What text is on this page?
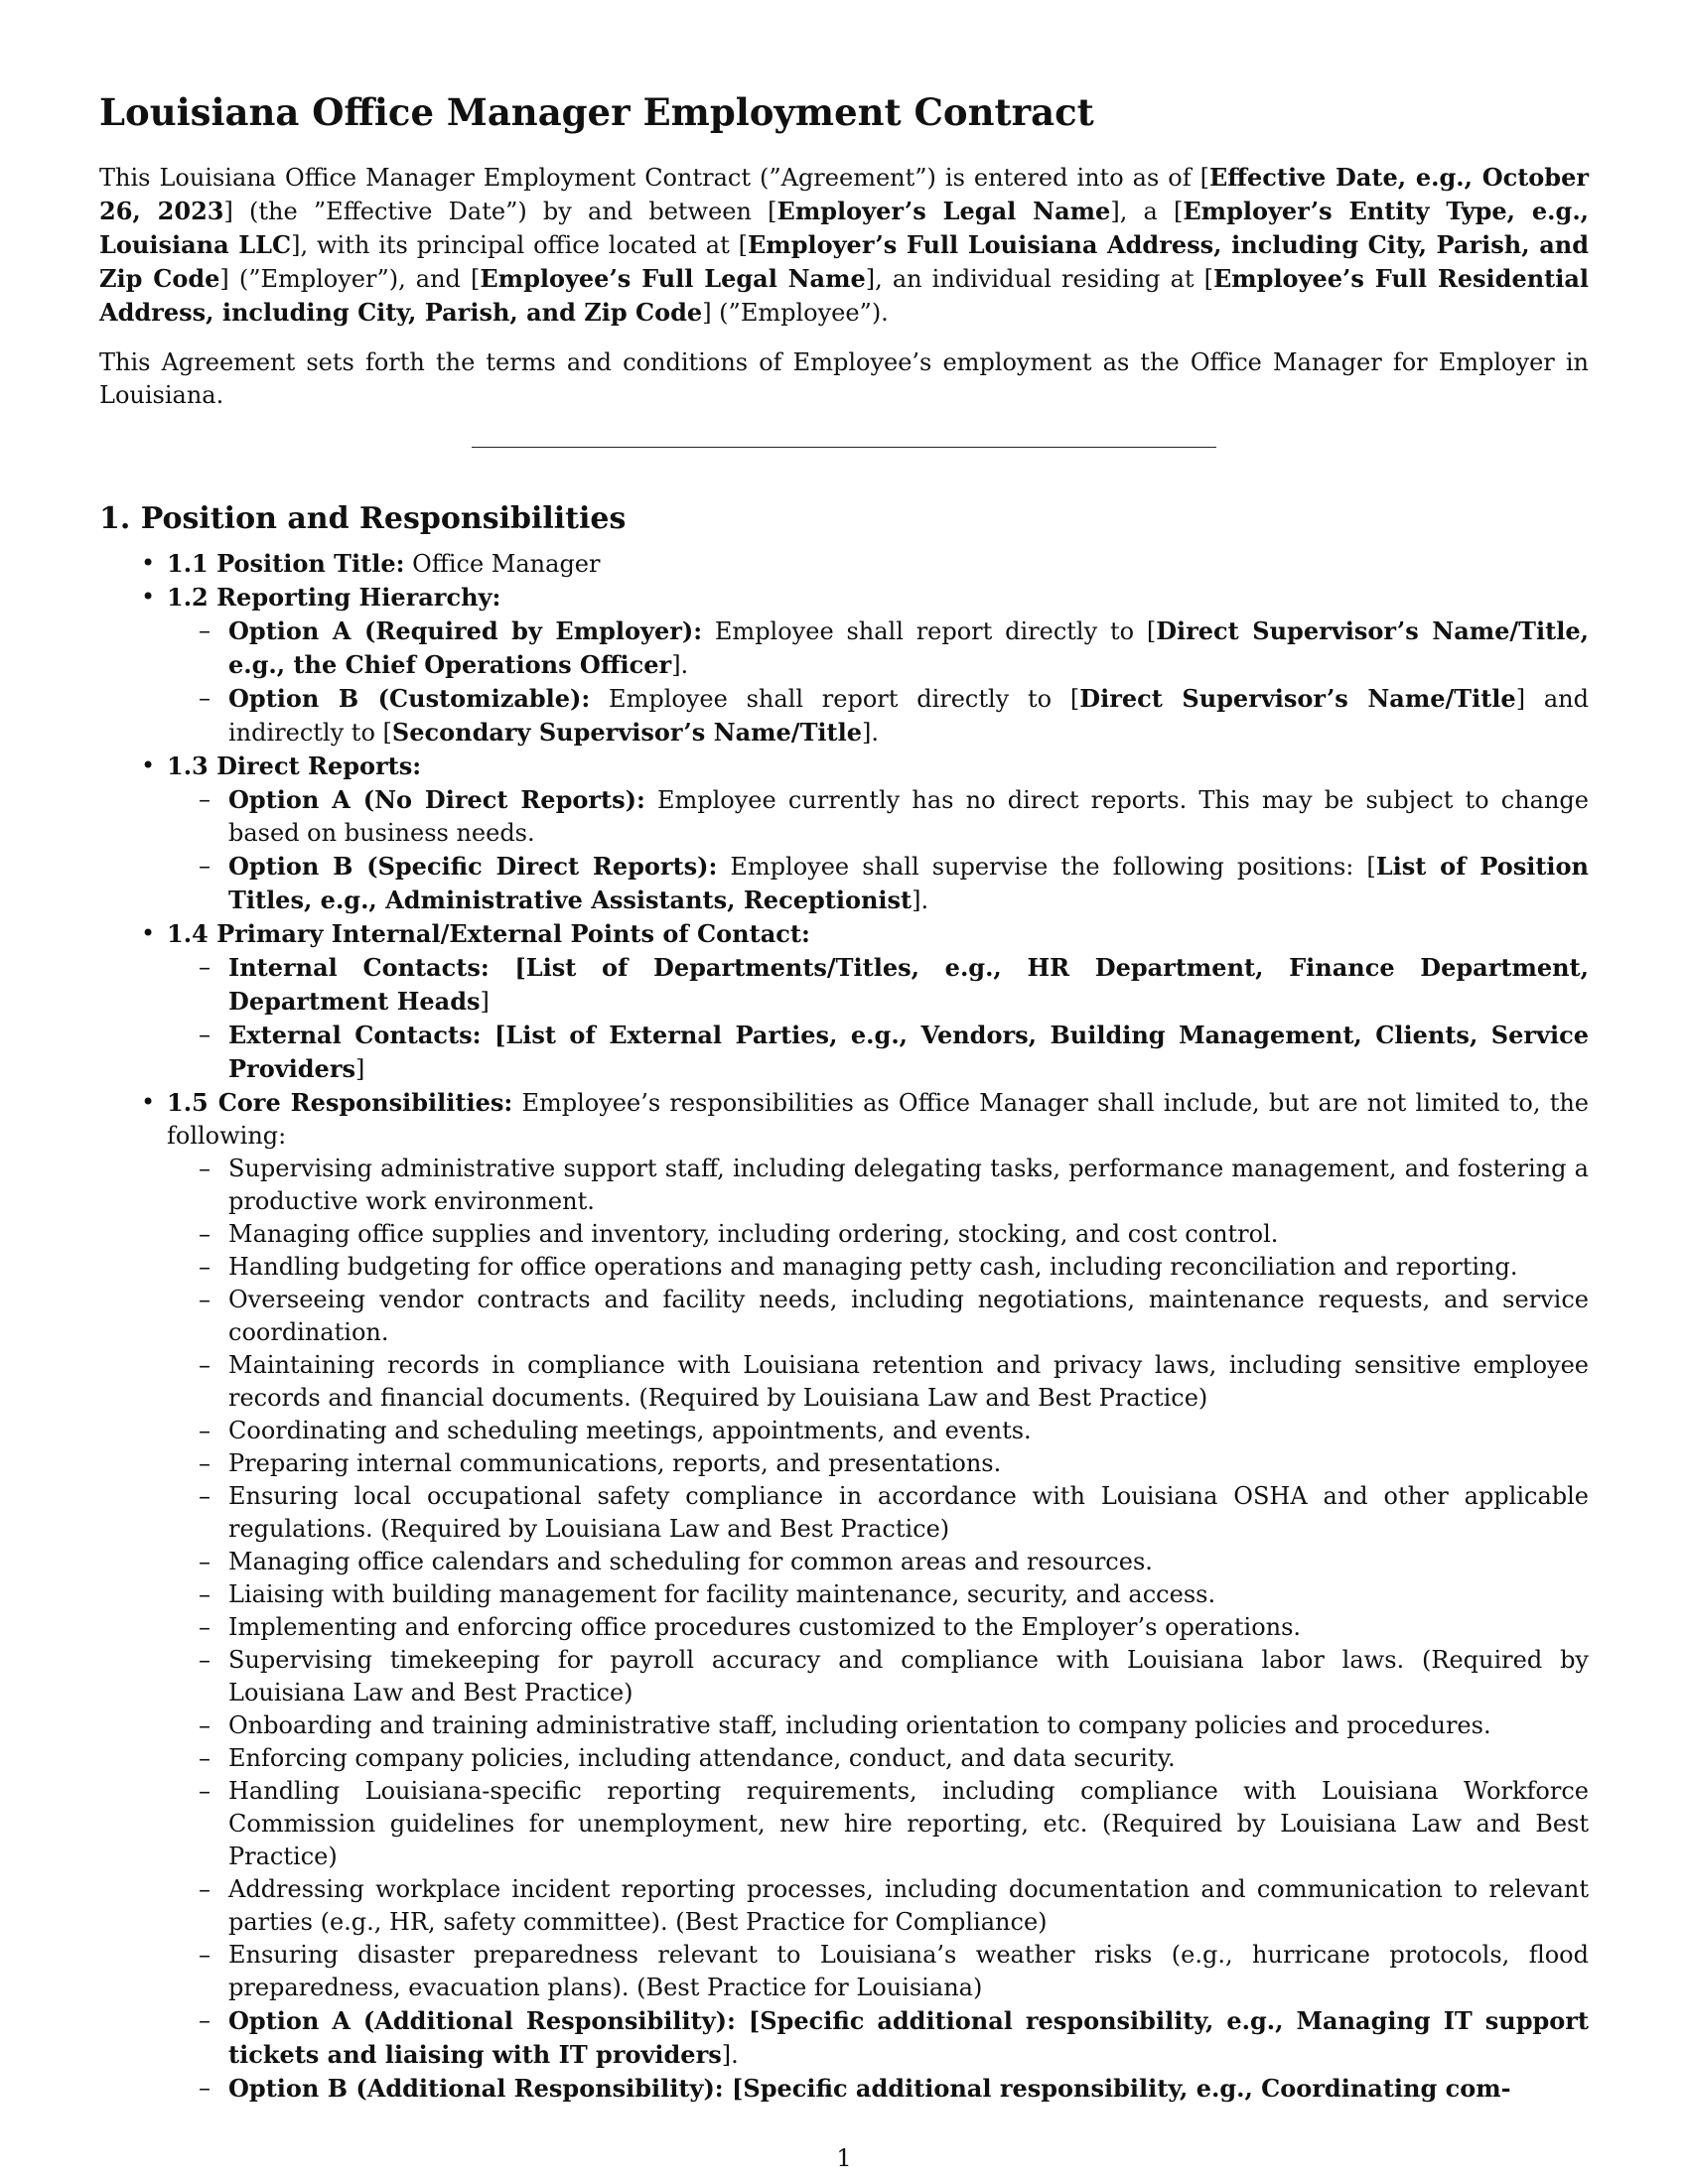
Louisiana Office Manager Employment Contract

This Louisiana Office Manager Employment Contract (”Agreement”) is entered into as of [Effective Date, e.g., October 26, 2023] (the ”Effective Date”) by and between [Employer’s Legal Name], a [Employer’s Entity Type, e.g., Louisiana LLC], with its principal office located at [Employer’s Full Louisiana Address, including City, Parish, and Zip Code] (”Employer”), and [Employee’s Full Legal Name], an individual residing at [Employee’s Full Residential Address, including City, Parish, and Zip Code] (”Employee”).

This Agreement sets forth the terms and conditions of Employee’s employment as the Office Manager for Employer in Louisiana.

1. Position and Responsibilities
• 1.1 Position Title: Office Manager
• 1.2 Reporting Hierarchy:
– Option A (Required by Employer): Employee shall report directly to [Direct Supervisor’s Name/Title, e.g., the Chief Operations Officer].
– Option B (Customizable): Employee shall report directly to [Direct Supervisor’s Name/Title] and indirectly to [Secondary Supervisor’s Name/Title].
• 1.3 Direct Reports:
– Option A (No Direct Reports): Employee currently has no direct reports. This may be subject to change based on business needs.
– Option B (Specific Direct Reports): Employee shall supervise the following positions: [List of Position Titles, e.g., Administrative Assistants, Receptionist].
• 1.4 Primary Internal/External Points of Contact:
– Internal Contacts: [List of Departments/Titles, e.g., HR Department, Finance Department, Department Heads]
– External Contacts: [List of External Parties, e.g., Vendors, Building Management, Clients, Service Providers]
• 1.5 Core Responsibilities: Employee’s responsibilities as Office Manager shall include, but are not limited to, the following:
– Supervising administrative support staff, including delegating tasks, performance management, and fostering a productive work environment.
– Managing office supplies and inventory, including ordering, stocking, and cost control.
– Handling budgeting for office operations and managing petty cash, including reconciliation and reporting.
– Overseeing vendor contracts and facility needs, including negotiations, maintenance requests, and service coordination.
– Maintaining records in compliance with Louisiana retention and privacy laws, including sensitive employee records and financial documents. (Required by Louisiana Law and Best Practice)
– Coordinating and scheduling meetings, appointments, and events.
– Preparing internal communications, reports, and presentations.
– Ensuring local occupational safety compliance in accordance with Louisiana OSHA and other applicable regulations. (Required by Louisiana Law and Best Practice)
– Managing office calendars and scheduling for common areas and resources.
– Liaising with building management for facility maintenance, security, and access.
– Implementing and enforcing office procedures customized to the Employer’s operations.
– Supervising timekeeping for payroll accuracy and compliance with Louisiana labor laws. (Required by Louisiana Law and Best Practice)
– Onboarding and training administrative staff, including orientation to company policies and procedures.
– Enforcing company policies, including attendance, conduct, and data security.
– Handling Louisiana-specific reporting requirements, including compliance with Louisiana Workforce Commission guidelines for unemployment, new hire reporting, etc. (Required by Louisiana Law and Best Practice)
– Addressing workplace incident reporting processes, including documentation and communication to relevant parties (e.g., HR, safety committee). (Best Practice for Compliance)
– Ensuring disaster preparedness relevant to Louisiana’s weather risks (e.g., hurricane protocols, flood preparedness, evacuation plans). (Best Practice for Louisiana)
– Option A (Additional Responsibility): [Specific additional responsibility, e.g., Managing IT support tickets and liaising with IT providers].
– Option B (Additional Responsibility): [Specific additional responsibility, e.g., Coordinating com-
1
